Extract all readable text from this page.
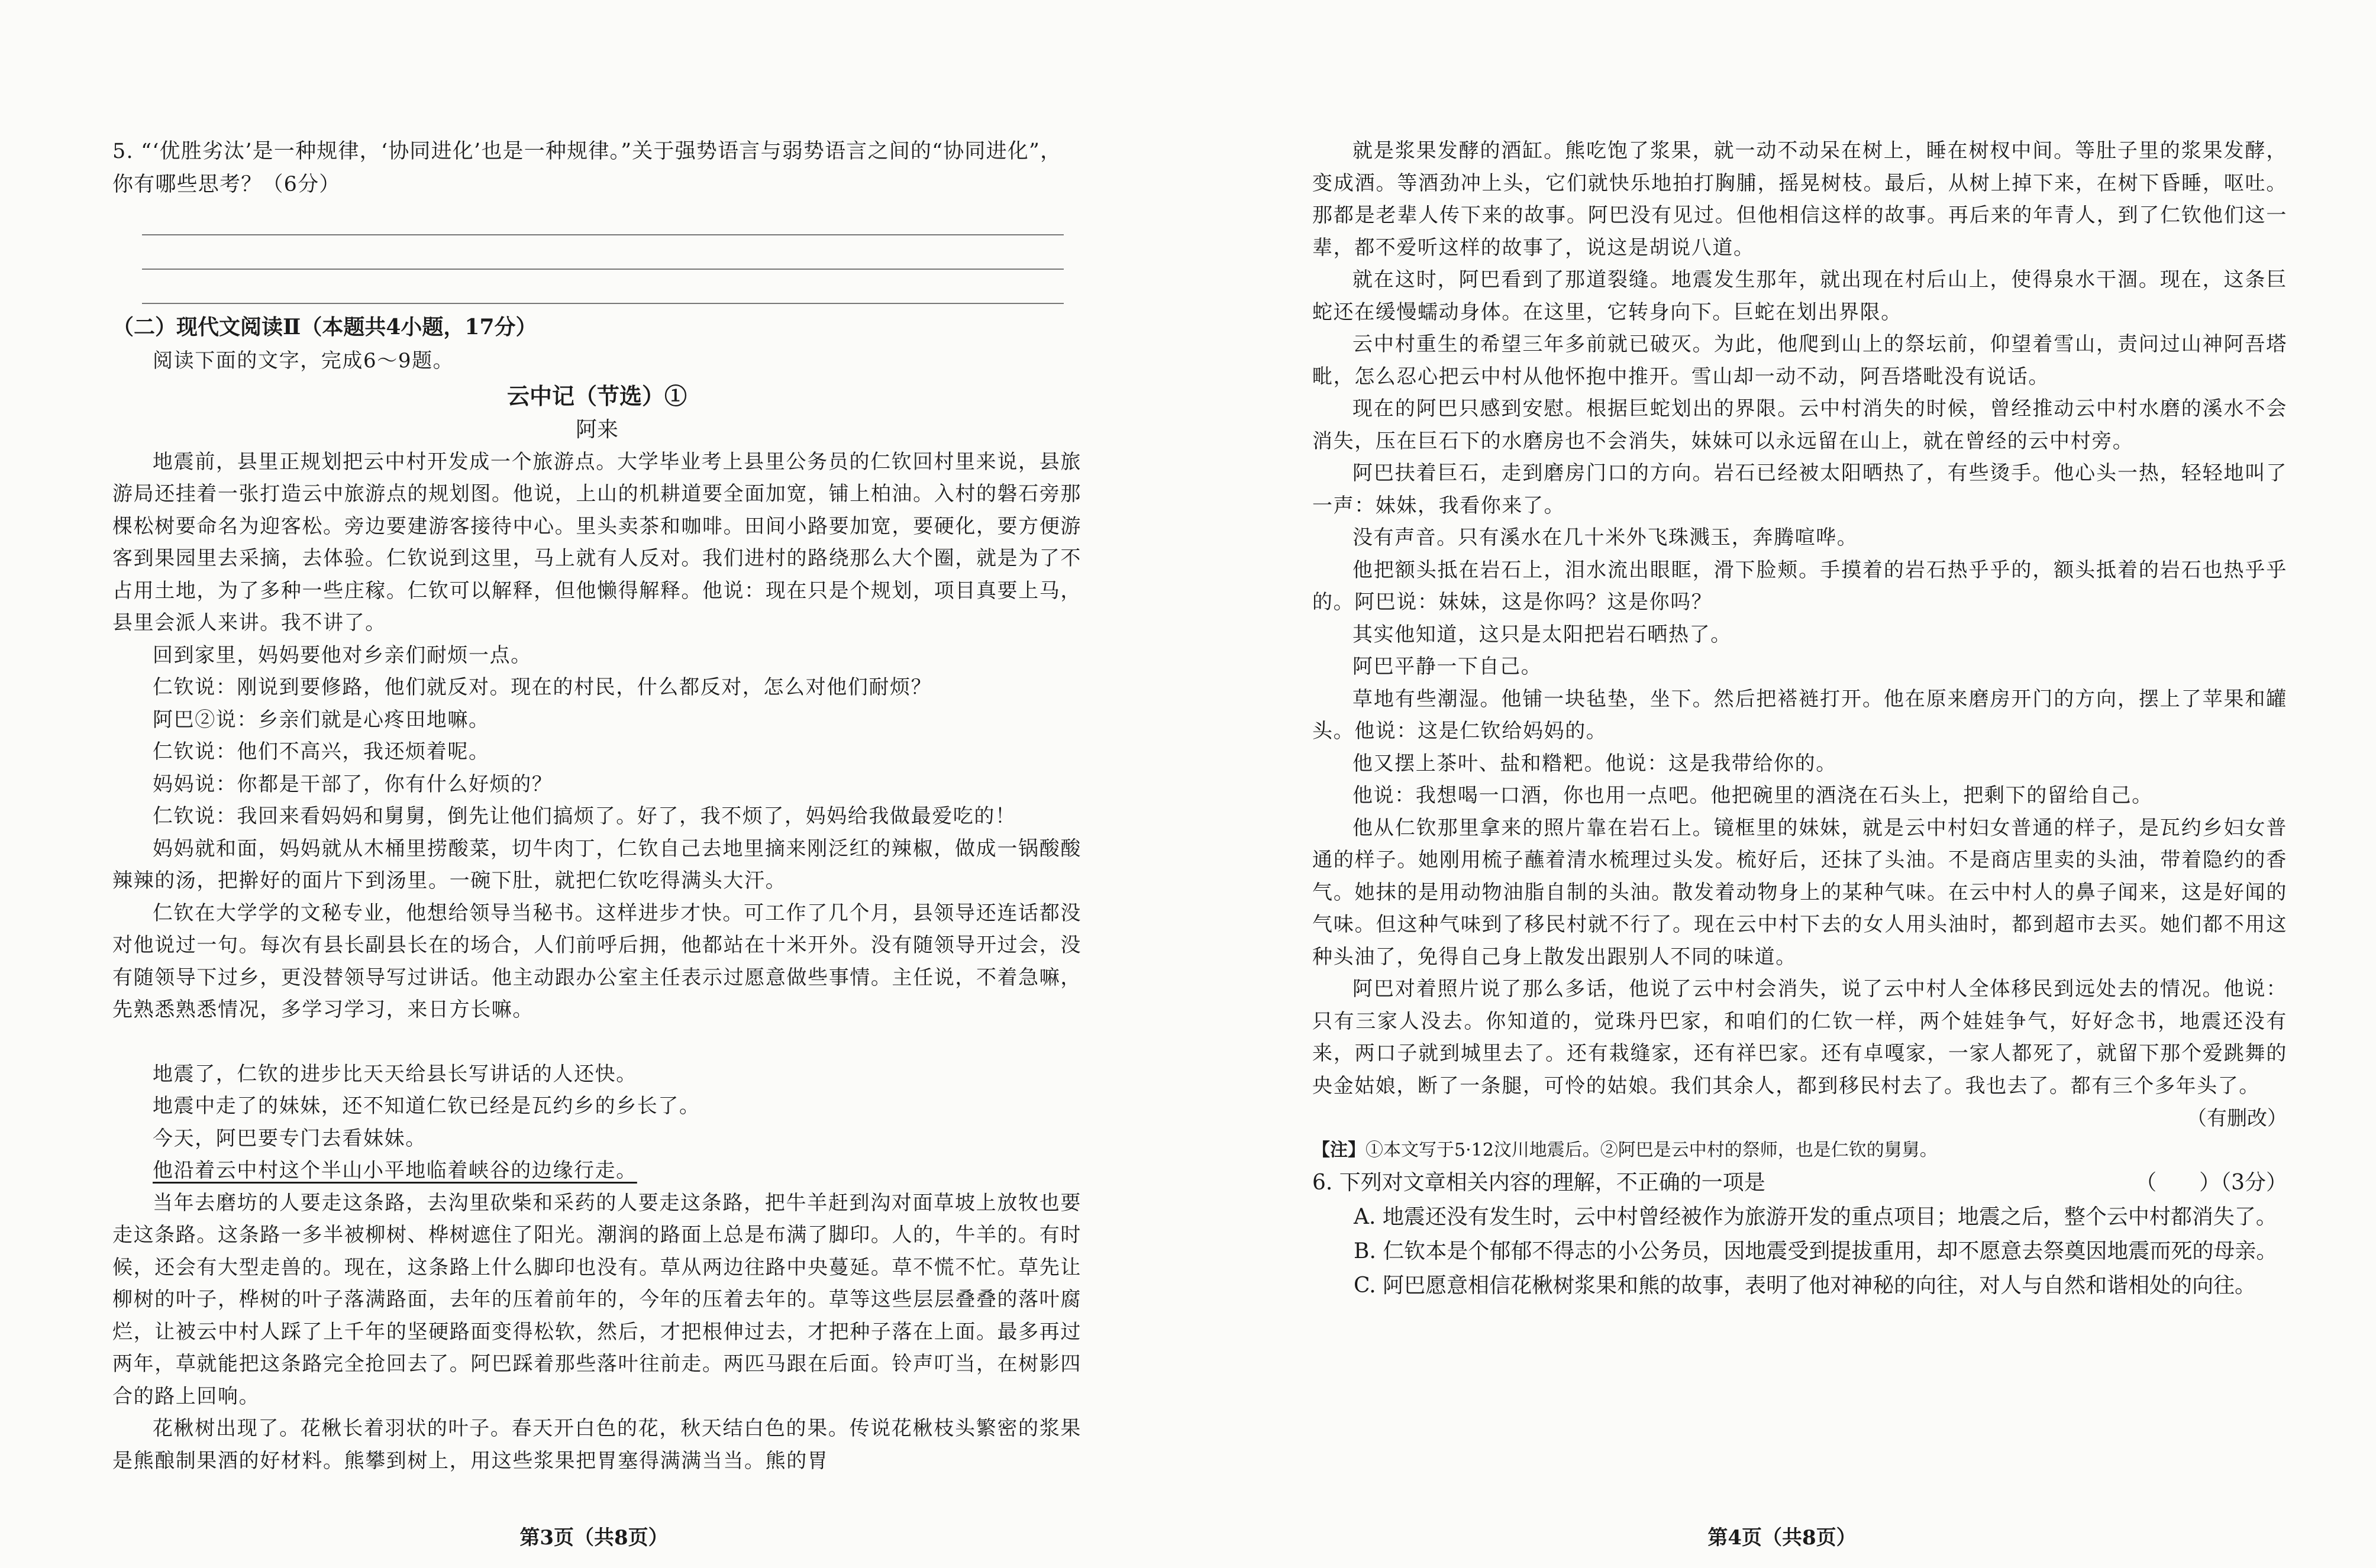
5. “‘优胜劣汰’是一种规律，‘协同进化’也是一种规律。”关于强势语言与弱势语言之间的“协同进化”，你有哪些思考？（6分）

（二）现代文阅读Ⅱ（本题共4小题，17分）

阅读下面的文字，完成6～9题。

云中记（节选）①

阿来

地震前，县里正规划把云中村开发成一个旅游点。大学毕业考上县里公务员的仁钦回村里来说，县旅游局还挂着一张打造云中旅游点的规划图。他说，上山的机耕道要全面加宽，铺上柏油。入村的磐石旁那棵松树要命名为迎客松。旁边要建游客接待中心。里头卖茶和咖啡。田间小路要加宽，要硬化，要方便游客到果园里去采摘，去体验。仁钦说到这里，马上就有人反对。我们进村的路绕那么大个圈，就是为了不占用土地，为了多种一些庄稼。仁钦可以解释，但他懒得解释。他说：现在只是个规划，项目真要上马，县里会派人来讲。我不讲了。

回到家里，妈妈要他对乡亲们耐烦一点。

仁钦说：刚说到要修路，他们就反对。现在的村民，什么都反对，怎么对他们耐烦？

阿巴②说：乡亲们就是心疼田地嘛。

仁钦说：他们不高兴，我还烦着呢。

妈妈说：你都是干部了，你有什么好烦的？

仁钦说：我回来看妈妈和舅舅，倒先让他们搞烦了。好了，我不烦了，妈妈给我做最爱吃的！

妈妈就和面，妈妈就从木桶里捞酸菜，切牛肉丁，仁钦自己去地里摘来刚泛红的辣椒，做成一锅酸酸辣辣的汤，把擀好的面片下到汤里。一碗下肚，就把仁钦吃得满头大汗。

仁钦在大学学的文秘专业，他想给领导当秘书。这样进步才快。可工作了几个月，县领导还连话都没对他说过一句。每次有县长副县长在的场合，人们前呼后拥，他都站在十米开外。没有随领导开过会，没有随领导下过乡，更没替领导写过讲话。他主动跟办公室主任表示过愿意做些事情。主任说，不着急嘛，先熟悉熟悉情况，多学习学习，来日方长嘛。

地震了，仁钦的进步比天天给县长写讲话的人还快。

地震中走了的妹妹，还不知道仁钦已经是瓦约乡的乡长了。

今天，阿巴要专门去看妹妹。

他沿着云中村这个半山小平地临着峡谷的边缘行走。

当年去磨坊的人要走这条路，去沟里砍柴和采药的人要走这条路，把牛羊赶到沟对面草坡上放牧也要走这条路。这条路一多半被柳树、桦树遮住了阳光。潮润的路面上总是布满了脚印。人的，牛羊的。有时候，还会有大型走兽的。现在，这条路上什么脚印也没有。草从两边往路中央蔓延。草不慌不忙。草先让柳树的叶子，桦树的叶子落满路面，去年的压着前年的，今年的压着去年的。草等这些层层叠叠的落叶腐烂，让被云中村人踩了上千年的坚硬路面变得松软，然后，才把根伸过去，才把种子落在上面。最多再过两年，草就能把这条路完全抢回去了。阿巴踩着那些落叶往前走。两匹马跟在后面。铃声叮当，在树影四合的路上回响。

花楸树出现了。花楸长着羽状的叶子。春天开白色的花，秋天结白色的果。传说花楸枝头繁密的浆果是熊酿制果酒的好材料。熊攀到树上，用这些浆果把胃塞得满满当当。熊的胃

就是浆果发酵的酒缸。熊吃饱了浆果，就一动不动呆在树上，睡在树杈中间。等肚子里的浆果发酵，变成酒。等酒劲冲上头，它们就快乐地拍打胸脯，摇晃树枝。最后，从树上掉下来，在树下昏睡，呕吐。那都是老辈人传下来的故事。阿巴没有见过。但他相信这样的故事。再后来的年青人，到了仁钦他们这一辈，都不爱听这样的故事了，说这是胡说八道。

就在这时，阿巴看到了那道裂缝。地震发生那年，就出现在村后山上，使得泉水干涸。现在，这条巨蛇还在缓慢蠕动身体。在这里，它转身向下。巨蛇在划出界限。

云中村重生的希望三年多前就已破灭。为此，他爬到山上的祭坛前，仰望着雪山，责问过山神阿吾塔毗，怎么忍心把云中村从他怀抱中推开。雪山却一动不动，阿吾塔毗没有说话。

现在的阿巴只感到安慰。根据巨蛇划出的界限。云中村消失的时候，曾经推动云中村水磨的溪水不会消失，压在巨石下的水磨房也不会消失，妹妹可以永远留在山上，就在曾经的云中村旁。

阿巴扶着巨石，走到磨房门口的方向。岩石已经被太阳晒热了，有些烫手。他心头一热，轻轻地叫了一声：妹妹，我看你来了。

没有声音。只有溪水在几十米外飞珠溅玉，奔腾喧哗。

他把额头抵在岩石上，泪水流出眼眶，滑下脸颊。手摸着的岩石热乎乎的，额头抵着的岩石也热乎乎的。阿巴说：妹妹，这是你吗？这是你吗？

其实他知道，这只是太阳把岩石晒热了。

阿巴平静一下自己。

草地有些潮湿。他铺一块毡垫，坐下。然后把褡裢打开。他在原来磨房开门的方向，摆上了苹果和罐头。他说：这是仁钦给妈妈的。

他又摆上茶叶、盐和糌粑。他说：这是我带给你的。

他说：我想喝一口酒，你也用一点吧。他把碗里的酒浇在石头上，把剩下的留给自己。

他从仁钦那里拿来的照片靠在岩石上。镜框里的妹妹，就是云中村妇女普通的样子，是瓦约乡妇女普通的样子。她刚用梳子蘸着清水梳理过头发。梳好后，还抹了头油。不是商店里卖的头油，带着隐约的香气。她抹的是用动物油脂自制的头油。散发着动物身上的某种气味。在云中村人的鼻子闻来，这是好闻的气味。但这种气味到了移民村就不行了。现在云中村下去的女人用头油时，都到超市去买。她们都不用这种头油了，免得自己身上散发出跟别人不同的味道。

阿巴对着照片说了那么多话，他说了云中村会消失，说了云中村人全体移民到远处去的情况。他说：只有三家人没去。你知道的，觉珠丹巴家，和咱们的仁钦一样，两个娃娃争气，好好念书，地震还没有来，两口子就到城里去了。还有栽缝家，还有祥巴家。还有卓嘎家，一家人都死了，就留下那个爱跳舞的央金姑娘，断了一条腿，可怜的姑娘。我们其余人，都到移民村去了。我也去了。都有三个多年头了。

（有删改）

【注】①本文写于5·12汶川地震后。②阿巴是云中村的祭师，也是仁钦的舅舅。

6. 下列对文章相关内容的理解，不正确的一项是	（　　）（3分）

A. 地震还没有发生时，云中村曾经被作为旅游开发的重点项目；地震之后，整个云中村都消失了。

B. 仁钦本是个郁郁不得志的小公务员，因地震受到提拔重用，却不愿意去祭奠因地震而死的母亲。

C. 阿巴愿意相信花楸树浆果和熊的故事，表明了他对神秘的向往，对人与自然和谐相处的向往。

第3页（共8页）	第4页（共8页）
